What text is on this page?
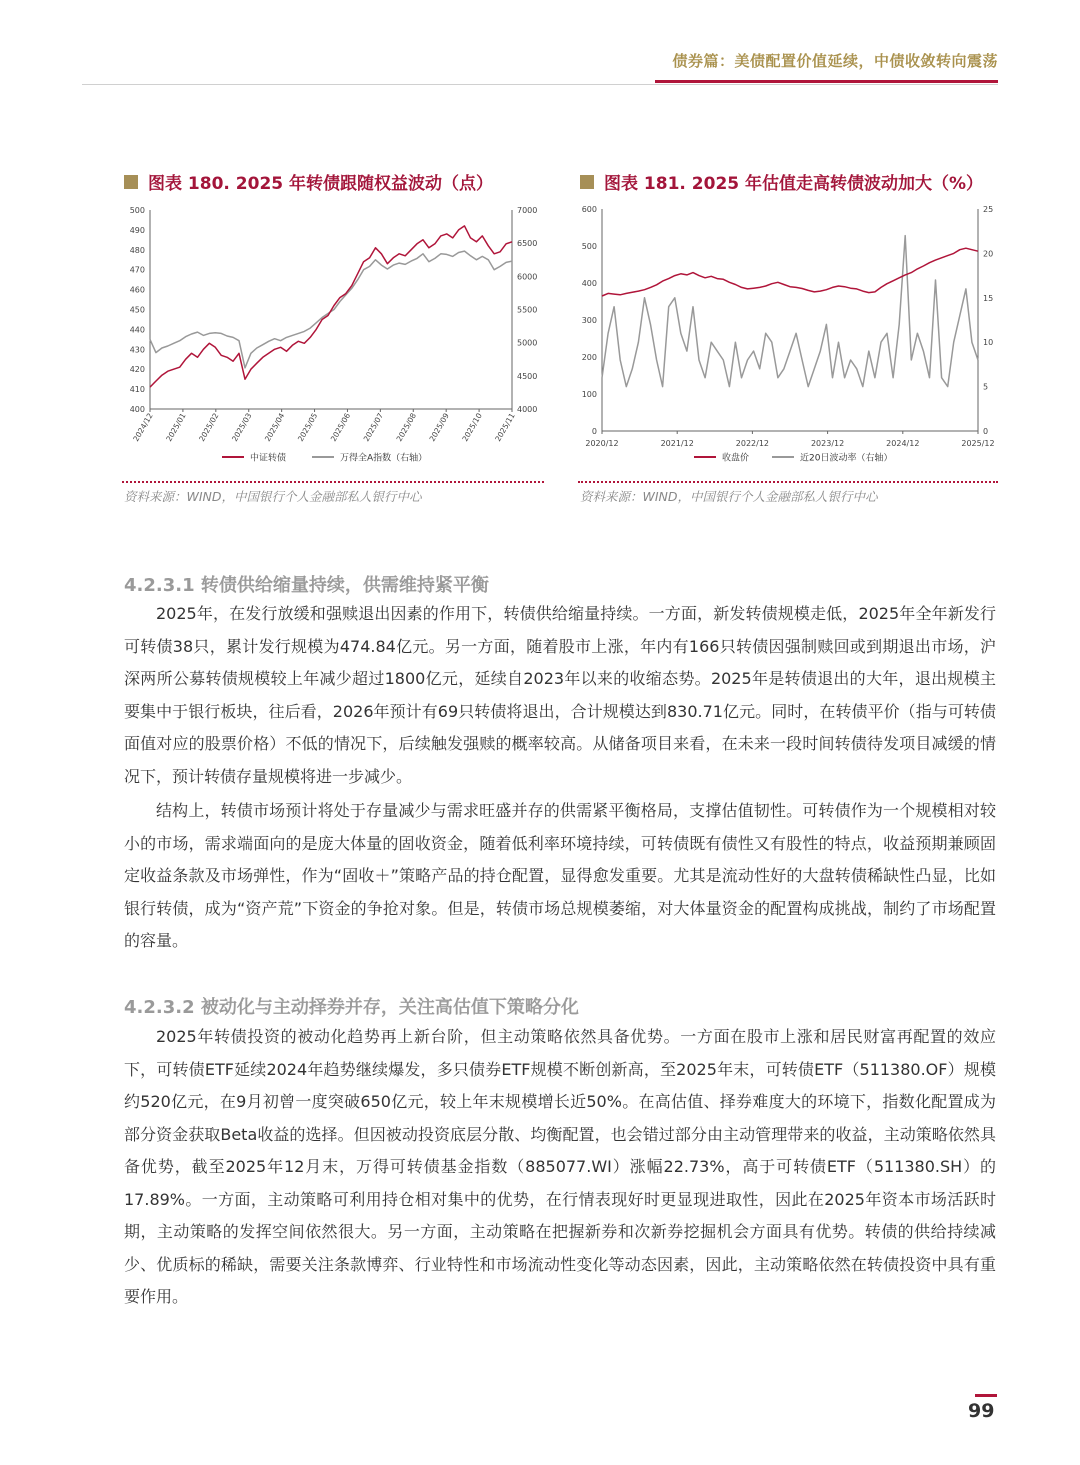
债券篇：美债配置价值延续，中债收敛转向震荡
图表 180. 2025 年转债跟随权益波动（点）
500
490
480
470
460
450
440
430
420
410
400
7000
6500
6000
5500
5000
4500
4000
2024/12 2025/01 2025/02 2025/03 2025/04 2025/05 2025/06 2025/07 2025/08 2025/09 2025/10 2025/11
中证转债	万得全A指数（右轴）
资料来源：WIND，中国银行个人金融部私人银行中心
图表 181. 2025 年估值走高转债波动加大（%）
600
500
400
300
200
100
0
25
20
15
10
5
0
2020/12	2021/12	2022/12	2023/12	2024/12	2025/12
收盘价	近20日波动率（右轴）
资料来源：WIND，中国银行个人金融部私人银行中心
4.2.3.1 转债供给缩量持续，供需维持紧平衡

2025年，在发行放缓和强赎退出因素的作用下，转债供给缩量持续。一方面，新发转债规模走低，2025年全年新发行可转债38只，累计发行规模为474.84亿元。另一方面，随着股市上涨，年内有166只转债因强制赎回或到期退出市场，沪深两所公募转债规模较上年减少超过1800亿元，延续自2023年以来的收缩态势。2025年是转债退出的大年，退出规模主要集中于银行板块，往后看，2026年预计有69只转债将退出，合计规模达到830.71亿元。同时，在转债平价（指与可转债面值对应的股票价格）不低的情况下，后续触发强赎的概率较高。从储备项目来看，在未来一段时间转债待发项目减缓的情况下，预计转债存量规模将进一步减少。

结构上，转债市场预计将处于存量减少与需求旺盛并存的供需紧平衡格局，支撑估值韧性。可转债作为一个规模相对较小的市场，需求端面向的是庞大体量的固收资金，随着低利率环境持续，可转债既有债性又有股性的特点，收益预期兼顾固定收益条款及市场弹性，作为“固收＋”策略产品的持仓配置，显得愈发重要。尤其是流动性好的大盘转债稀缺性凸显，比如银行转债，成为“资产荒”下资金的争抢对象。但是，转债市场总规模萎缩，对大体量资金的配置构成挑战，制约了市场配置的容量。

4.2.3.2 被动化与主动择券并存，关注高估值下策略分化

2025年转债投资的被动化趋势再上新台阶，但主动策略依然具备优势。一方面在股市上涨和居民财富再配置的效应下，可转债ETF延续2024年趋势继续爆发，多只债券ETF规模不断创新高，至2025年末，可转债ETF（511380.OF）规模约520亿元，在9月初曾一度突破650亿元，较上年末规模增长近50%。在高估值、择券难度大的环境下，指数化配置成为部分资金获取Beta收益的选择。但因被动投资底层分散、均衡配置，也会错过部分由主动管理带来的收益，主动策略依然具备优势，截至2025年12月末，万得可转债基金指数（885077.WI）涨幅22.73%，高于可转债ETF（511380.SH）的17.89%。一方面，主动策略可利用持仓相对集中的优势，在行情表现好时更显现进取性，因此在2025年资本市场活跃时期，主动策略的发挥空间依然很大。另一方面，主动策略在把握新券和次新券挖掘机会方面具有优势。转债的供给持续减少、优质标的稀缺，需要关注条款博弈、行业特性和市场流动性变化等动态因素，因此，主动策略依然在转债投资中具有重要作用。

99
